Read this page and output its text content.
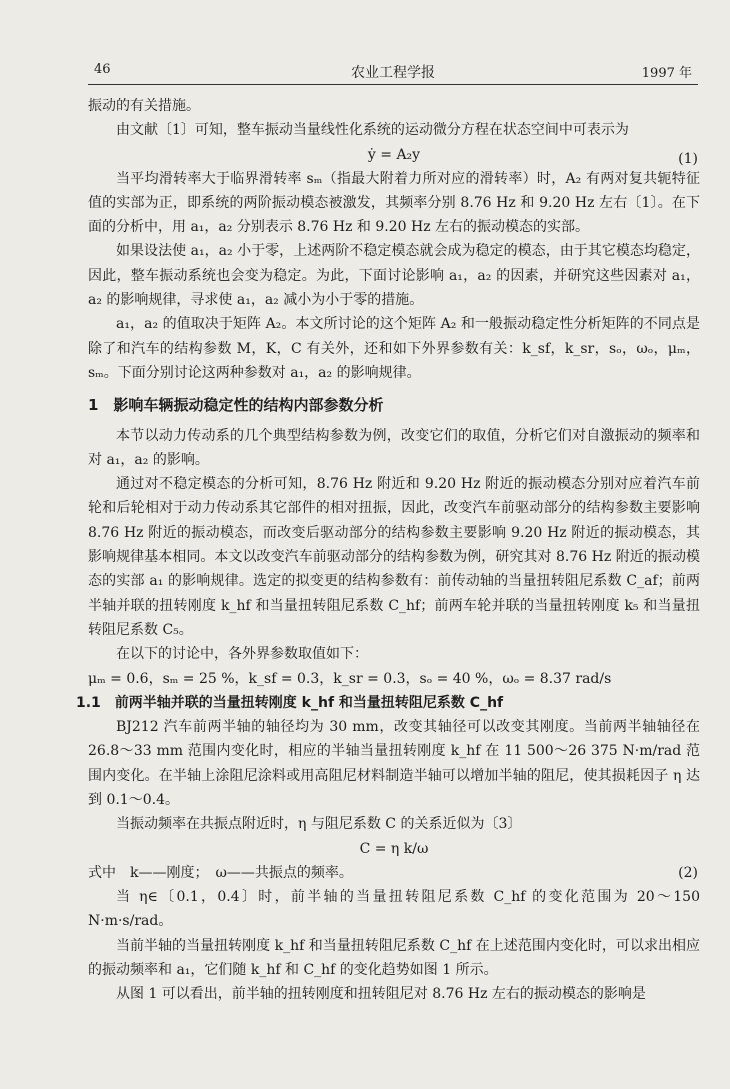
46	农业工程学报	1997 年

振动的有关措施。

由文献〔1〕可知，整车振动当量线性化系统的运动微分方程在状态空间中可表示为

ẏ = A₂y	(1)

当平均滑转率大于临界滑转率 sₘ（指最大附着力所对应的滑转率）时，A₂ 有两对复共轭特征值的实部为正，即系统的两阶振动模态被激发，其频率分别 8.76 Hz 和 9.20 Hz 左右〔1〕。在下面的分析中，用 a₁，a₂ 分别表示 8.76 Hz 和 9.20 Hz 左右的振动模态的实部。

如果设法使 a₁，a₂ 小于零，上述两阶不稳定模态就会成为稳定的模态，由于其它模态均稳定，因此，整车振动系统也会变为稳定。为此，下面讨论影响 a₁，a₂ 的因素，并研究这些因素对 a₁，a₂ 的影响规律，寻求使 a₁，a₂ 减小为小于零的措施。

a₁，a₂ 的值取决于矩阵 A₂。本文所讨论的这个矩阵 A₂ 和一般振动稳定性分析矩阵的不同点是除了和汽车的结构参数 M，K，C 有关外，还和如下外界参数有关：k_sf，k_sr，sₒ，ωₒ，μₘ，sₘ。下面分别讨论这两种参数对 a₁，a₂ 的影响规律。

1　影响车辆振动稳定性的结构内部参数分析

本节以动力传动系的几个典型结构参数为例，改变它们的取值，分析它们对自激振动的频率和对 a₁，a₂ 的影响。

通过对不稳定模态的分析可知，8.76 Hz 附近和 9.20 Hz 附近的振动模态分别对应着汽车前轮和后轮相对于动力传动系其它部件的相对扭振，因此，改变汽车前驱动部分的结构参数主要影响 8.76 Hz 附近的振动模态，而改变后驱动部分的结构参数主要影响 9.20 Hz 附近的振动模态，其影响规律基本相同。本文以改变汽车前驱动部分的结构参数为例，研究其对 8.76 Hz 附近的振动模态的实部 a₁ 的影响规律。选定的拟变更的结构参数有：前传动轴的当量扭转阻尼系数 C_af；前两半轴并联的扭转刚度 k_hf 和当量扭转阻尼系数 C_hf；前两车轮并联的当量扭转刚度 k₅ 和当量扭转阻尼系数 C₅。

在以下的讨论中，各外界参数取值如下：

μₘ = 0.6，sₘ = 25 %，k_sf = 0.3，k_sr = 0.3，sₒ = 40 %，ωₒ = 8.37 rad/s

1.1　前两半轴并联的当量扭转刚度 k_hf 和当量扭转阻尼系数 C_hf

BJ212 汽车前两半轴的轴径均为 30 mm，改变其轴径可以改变其刚度。当前两半轴轴径在 26.8～33 mm 范围内变化时，相应的半轴当量扭转刚度 k_hf 在 11 500～26 375 N·m/rad 范围内变化。在半轴上涂阻尼涂料或用高阻尼材料制造半轴可以增加半轴的阻尼，使其损耗因子 η 达到 0.1～0.4。

当振动频率在共振点附近时，η 与阻尼系数 C 的关系近似为〔3〕

C = η k/ω

式中　k——刚度；　ω——共振点的频率。	(2)

当 η∈〔0.1，0.4〕时，前半轴的当量扭转阻尼系数 C_hf 的变化范围为 20～150 N·m·s/rad。

当前半轴的当量扭转刚度 k_hf 和当量扭转阻尼系数 C_hf 在上述范围内变化时，可以求出相应的振动频率和 a₁，它们随 k_hf 和 C_hf 的变化趋势如图 1 所示。

从图 1 可以看出，前半轴的扭转刚度和扭转阻尼对 8.76 Hz 左右的振动模态的影响是
